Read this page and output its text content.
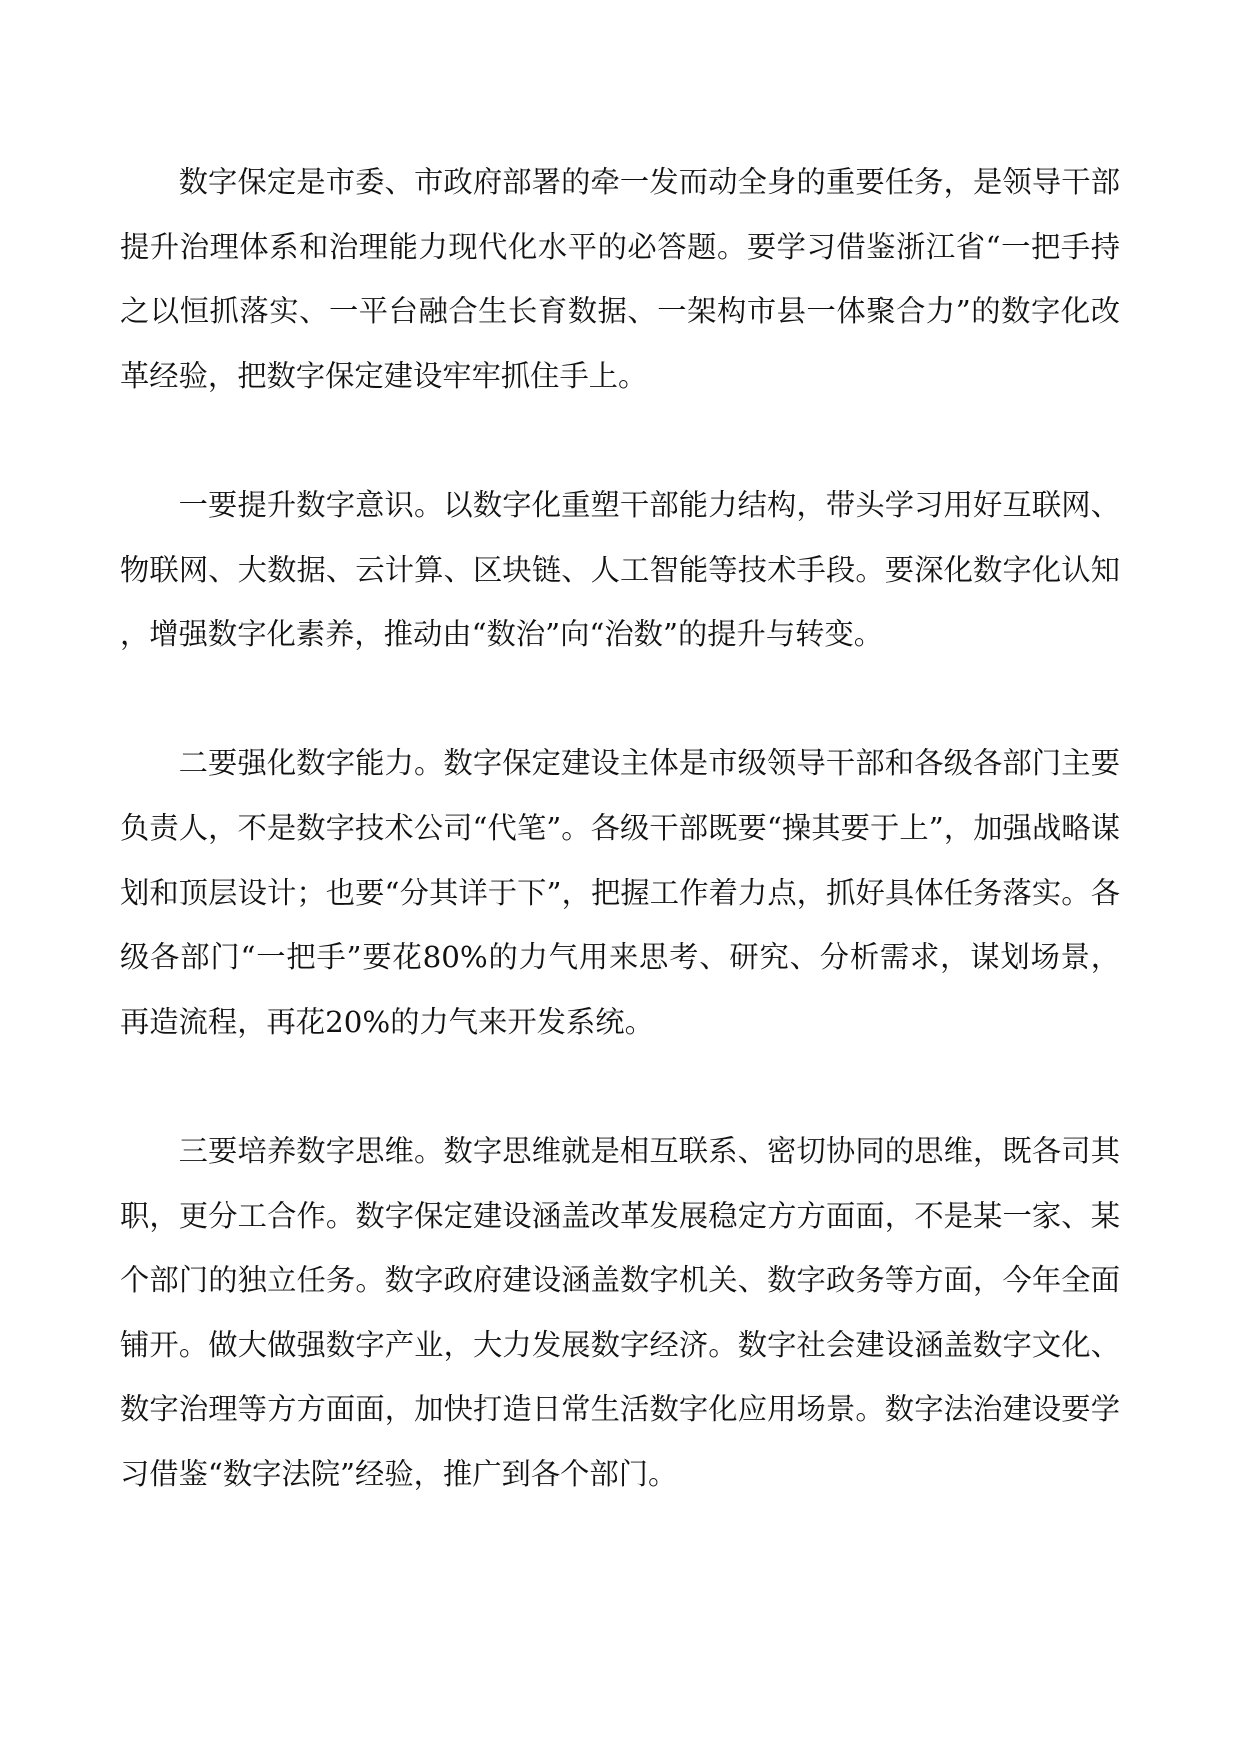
数字保定是市委、市政府部署的牵一发而动全身的重要任务，是领导干部提升治理体系和治理能力现代化水平的必答题。要学习借鉴浙江省“一把手持之以恒抓落实、一平台融合生长育数据、一架构市县一体聚合力”的数字化改革经验，把数字保定建设牢牢抓住手上。

一要提升数字意识。以数字化重塑干部能力结构，带头学习用好互联网、物联网、大数据、云计算、区块链、人工智能等技术手段。要深化数字化认知，增强数字化素养，推动由“数治”向“治数”的提升与转变。

二要强化数字能力。数字保定建设主体是市级领导干部和各级各部门主要负责人，不是数字技术公司“代笔”。各级干部既要“操其要于上”，加强战略谋划和顶层设计；也要“分其详于下”，把握工作着力点，抓好具体任务落实。各级各部门“一把手”要花80%的力气用来思考、研究、分析需求，谋划场景，再造流程，再花20%的力气来开发系统。

三要培养数字思维。数字思维就是相互联系、密切协同的思维，既各司其职，更分工合作。数字保定建设涵盖改革发展稳定方方面面，不是某一家、某个部门的独立任务。数字政府建设涵盖数字机关、数字政务等方面，今年全面铺开。做大做强数字产业，大力发展数字经济。数字社会建设涵盖数字文化、数字治理等方方面面，加快打造日常生活数字化应用场景。数字法治建设要学习借鉴“数字法院”经验，推广到各个部门。
